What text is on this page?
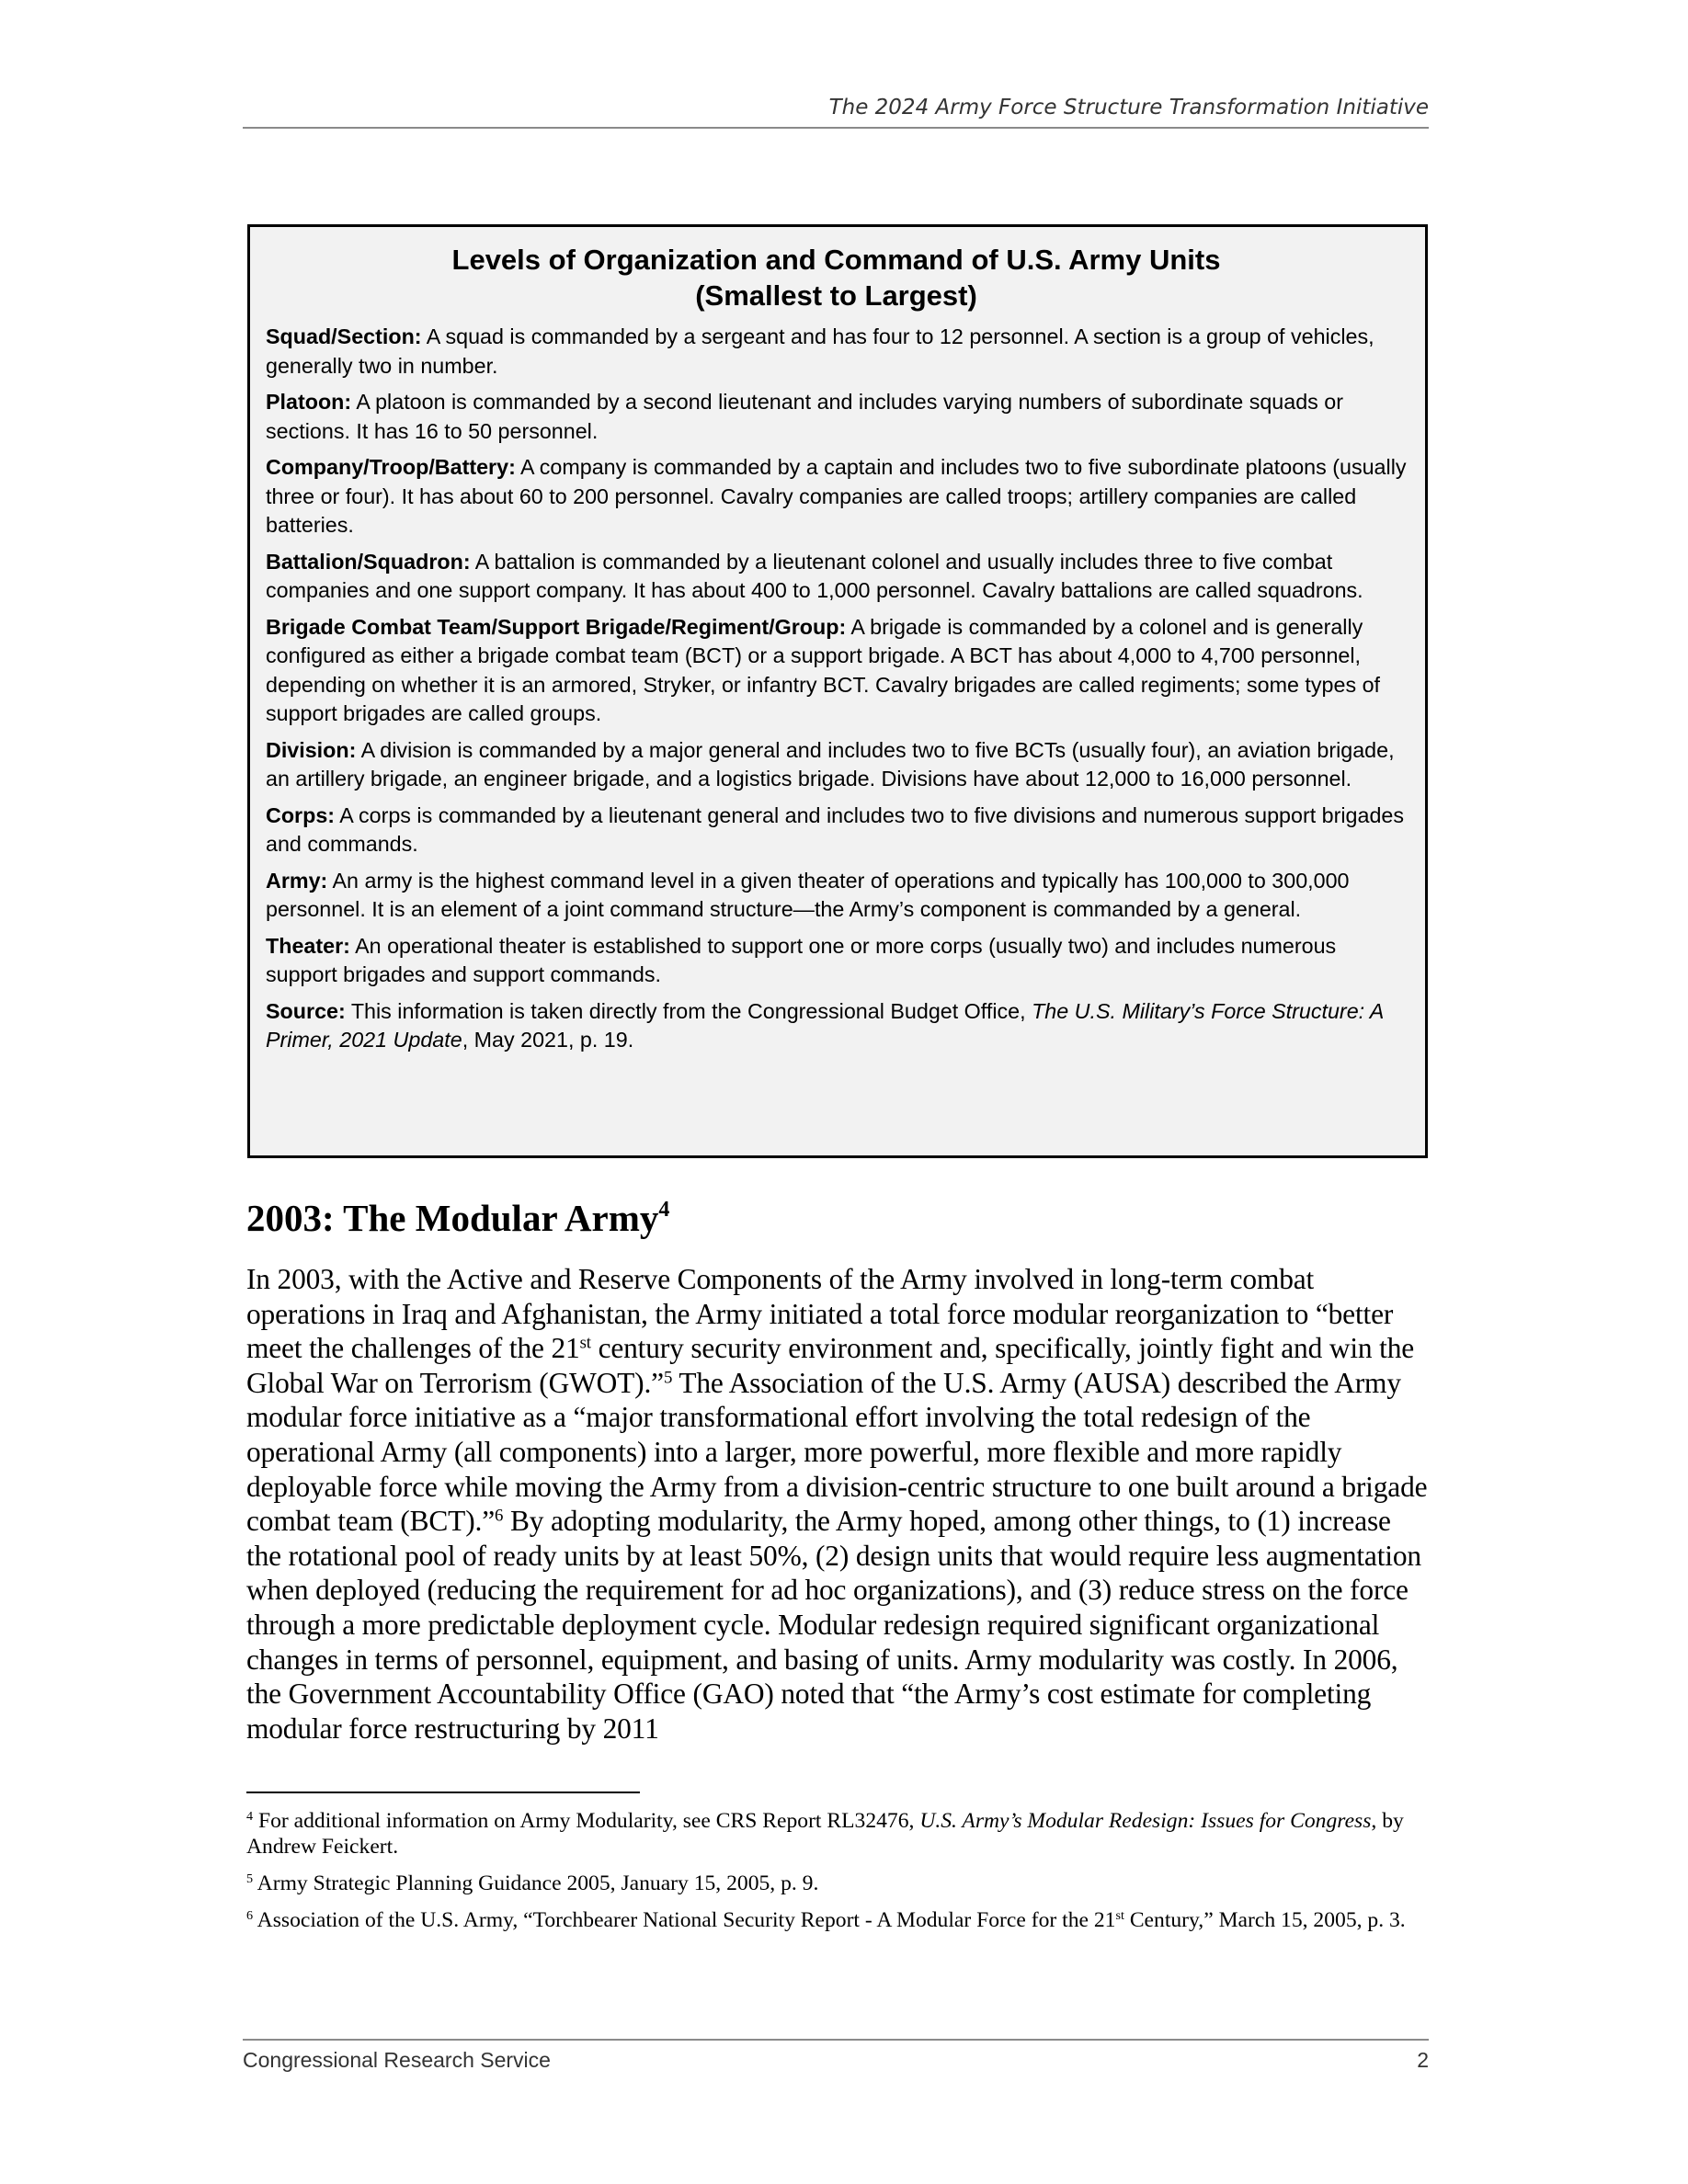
The 2024 Army Force Structure Transformation Initiative
Levels of Organization and Command of U.S. Army Units
(Smallest to Largest)
Squad/Section: A squad is commanded by a sergeant and has four to 12 personnel. A section is a group of vehicles, generally two in number.
Platoon: A platoon is commanded by a second lieutenant and includes varying numbers of subordinate squads or sections. It has 16 to 50 personnel.
Company/Troop/Battery: A company is commanded by a captain and includes two to five subordinate platoons (usually three or four). It has about 60 to 200 personnel. Cavalry companies are called troops; artillery companies are called batteries.
Battalion/Squadron: A battalion is commanded by a lieutenant colonel and usually includes three to five combat companies and one support company. It has about 400 to 1,000 personnel. Cavalry battalions are called squadrons.
Brigade Combat Team/Support Brigade/Regiment/Group: A brigade is commanded by a colonel and is generally configured as either a brigade combat team (BCT) or a support brigade. A BCT has about 4,000 to 4,700 personnel, depending on whether it is an armored, Stryker, or infantry BCT. Cavalry brigades are called regiments; some types of support brigades are called groups.
Division: A division is commanded by a major general and includes two to five BCTs (usually four), an aviation brigade, an artillery brigade, an engineer brigade, and a logistics brigade. Divisions have about 12,000 to 16,000 personnel.
Corps: A corps is commanded by a lieutenant general and includes two to five divisions and numerous support brigades and commands.
Army: An army is the highest command level in a given theater of operations and typically has 100,000 to 300,000 personnel. It is an element of a joint command structure—the Army’s component is commanded by a general.
Theater: An operational theater is established to support one or more corps (usually two) and includes numerous support brigades and support commands.
Source: This information is taken directly from the Congressional Budget Office, The U.S. Military’s Force Structure: A Primer, 2021 Update, May 2021, p. 19.
2003: The Modular Army$^4$

In 2003, with the Active and Reserve Components of the Army involved in long-term combat operations in Iraq and Afghanistan, the Army initiated a total force modular reorganization to “better meet the challenges of the 21st century security environment and, specifically, jointly fight and win the Global War on Terrorism (GWOT).”$^5$ The Association of the U.S. Army (AUSA) described the Army modular force initiative as a “major transformational effort involving the total redesign of the operational Army (all components) into a larger, more powerful, more flexible and more rapidly deployable force while moving the Army from a division-centric structure to one built around a brigade combat team (BCT).”$^6$ By adopting modularity, the Army hoped, among other things, to (1) increase the rotational pool of ready units by at least 50%, (2) design units that would require less augmentation when deployed (reducing the requirement for ad hoc organizations), and (3) reduce stress on the force through a more predictable deployment cycle. Modular redesign required significant organizational changes in terms of personnel, equipment, and basing of units. Army modularity was costly. In 2006, the Government Accountability Office (GAO) noted that “the Army’s cost estimate for completing modular force restructuring by 2011

$^4$ For additional information on Army Modularity, see CRS Report RL32476, U.S. Army’s Modular Redesign: Issues for Congress, by Andrew Feickert.

$^5$ Army Strategic Planning Guidance 2005, January 15, 2005, p. 9.

$^6$ Association of the U.S. Army, “Torchbearer National Security Report - A Modular Force for the 21st Century,” March 15, 2005, p. 3.

Congressional Research Service	2
